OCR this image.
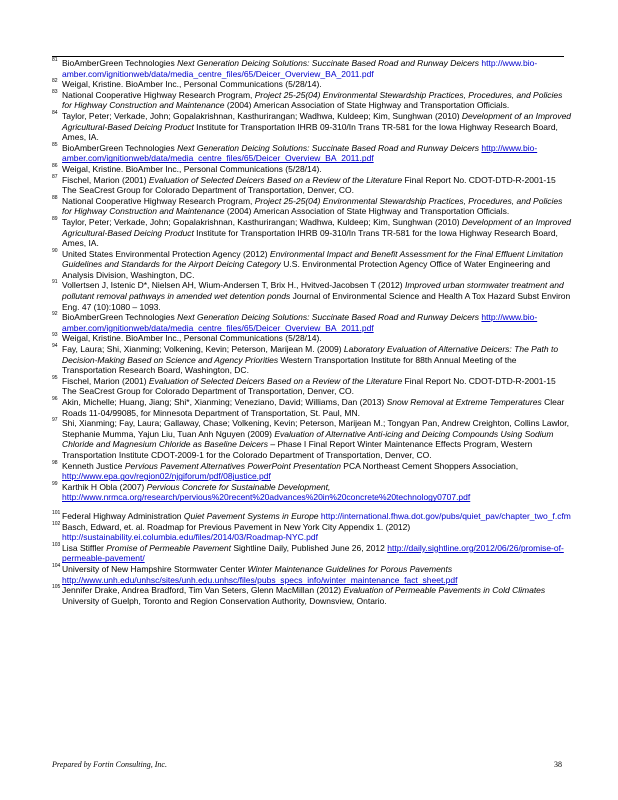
81 BioAmberGreen Technologies Next Generation Deicing Solutions: Succinate Based Road and Runway Deicers http://www.bio-amber.com/ignitionweb/data/media_centre_files/65/Deicer_Overview_BA_2011.pdf

82 Weigal, Kristine. BioAmber Inc., Personal Communications (5/28/14).

83 National Cooperative Highway Research Program, Project 25-25(04) Environmental Stewardship Practices, Procedures, and Policies for Highway Construction and Maintenance (2004) American Association of State Highway and Transportation Officials.

84 Taylor, Peter; Verkade, John; Gopalakrishnan, Kasthurirangan; Wadhwa, Kuldeep; Kim, Sunghwan (2010) Development of an Improved Agricultural-Based Deicing Product Institute for Transportation IHRB 09-310/In Trans TR-581 for the Iowa Highway Research Board, Ames, IA.

85 BioAmberGreen Technologies Next Generation Deicing Solutions: Succinate Based Road and Runway Deicers http://www.bio-amber.com/ignitionweb/data/media_centre_files/65/Deicer_Overview_BA_2011.pdf

86 Weigal, Kristine. BioAmber Inc., Personal Communications (5/28/14).

87 Fischel, Marion (2001) Evaluation of Selected Deicers Based on a Review of the Literature Final Report No. CDOT-DTD-R-2001-15 The SeaCrest Group for Colorado Department of Transportation, Denver, CO.

88 National Cooperative Highway Research Program, Project 25-25(04) Environmental Stewardship Practices, Procedures, and Policies for Highway Construction and Maintenance (2004) American Association of State Highway and Transportation Officials.

89 Taylor, Peter; Verkade, John; Gopalakrishnan, Kasthurirangan; Wadhwa, Kuldeep; Kim, Sunghwan (2010) Development of an Improved Agricultural-Based Deicing Product Institute for Transportation IHRB 09-310/In Trans TR-581 for the Iowa Highway Research Board, Ames, IA.

90 United States Environmental Protection Agency (2012) Environmental Impact and Benefit Assessment for the Final Effluent Limitation Guidelines and Standards for the Airport Deicing Category U.S. Environmental Protection Agency Office of Water Engineering and Analysis Division, Washington, DC.

91 Vollertsen J, Istenic D*, Nielsen AH, Wium-Andersen T, Brix H., Hvitved-Jacobsen T (2012) Improved urban stormwater treatment and pollutant removal pathways in amended wet detention ponds Journal of Environmental Science and Health A Tox Hazard Subst Environ Eng. 47 (10):1080 – 1093.

92 BioAmberGreen Technologies Next Generation Deicing Solutions: Succinate Based Road and Runway Deicers http://www.bio-amber.com/ignitionweb/data/media_centre_files/65/Deicer_Overview_BA_2011.pdf

93 Weigal, Kristine. BioAmber Inc., Personal Communications (5/28/14).

94 Fay, Laura; Shi, Xianming; Volkening, Kevin; Peterson, Marijean M. (2009) Laboratory Evaluation of Alternative Deicers: The Path to Decision-Making Based on Science and Agency Priorities Western Transportation Institute for 88th Annual Meeting of the Transportation Research Board, Washington, DC.

95 Fischel, Marion (2001) Evaluation of Selected Deicers Based on a Review of the Literature Final Report No. CDOT-DTD-R-2001-15 The SeaCrest Group for Colorado Department of Transportation, Denver, CO.

96 Akin, Michelle; Huang, Jiang; Shi*, Xianming; Veneziano, David; Williams, Dan (2013) Snow Removal at Extreme Temperatures Clear Roads 11-04/99085, for Minnesota Department of Transportation, St. Paul, MN.

97 Shi, Xianming; Fay, Laura; Gallaway, Chase; Volkening, Kevin; Peterson, Marijean M.; Tongyan Pan, Andrew Creighton, Collins Lawlor, Stephanie Mumma, Yajun Liu, Tuan Anh Nguyen (2009) Evaluation of Alternative Anti-icing and Deicing Compounds Using Sodium Chloride and Magnesium Chloride as Baseline Deicers – Phase I Final Report Winter Maintenance Effects Program, Western Transportation Institute CDOT-2009-1 for the Colorado Department of Transportation, Denver, CO.

98 Kenneth Justice Pervious Pavement Alternatives PowerPoint Presentation PCA Northeast Cement Shoppers Association, http://www.epa.gov/region02/njgiforum/pdf/08justice.pdf

99 Karthik H Obla (2007) Pervious Concrete for Sustainable Development, http://www.nrmca.org/research/pervious%20recent%20advances%20in%20concrete%20technology0707.pdf

101 Federal Highway Administration Quiet Pavement Systems in Europe http://international.fhwa.dot.gov/pubs/quiet_pav/chapter_two_f.cfm

102 Basch, Edward, et. al. Roadmap for Previous Pavement in New York City Appendix 1. (2012) http://sustainability.ei.columbia.edu/files/2014/03/Roadmap-NYC.pdf

103 Lisa Stiffler Promise of Permeable Pavement Sightline Daily, Published June 26, 2012 http://daily.sightline.org/2012/06/26/promise-of-permeable-pavement/

104 University of New Hampshire Stormwater Center Winter Maintenance Guidelines for Porous Pavements http://www.unh.edu/unhsc/sites/unh.edu.unhsc/files/pubs_specs_info/winter_maintenance_fact_sheet.pdf

105 Jennifer Drake, Andrea Bradford, Tim Van Seters, Glenn MacMillan (2012) Evaluation of Permeable Pavements in Cold Climates University of Guelph, Toronto and Region Conservation Authority, Downsview, Ontario.

Prepared by Fortin Consulting, Inc.	38
